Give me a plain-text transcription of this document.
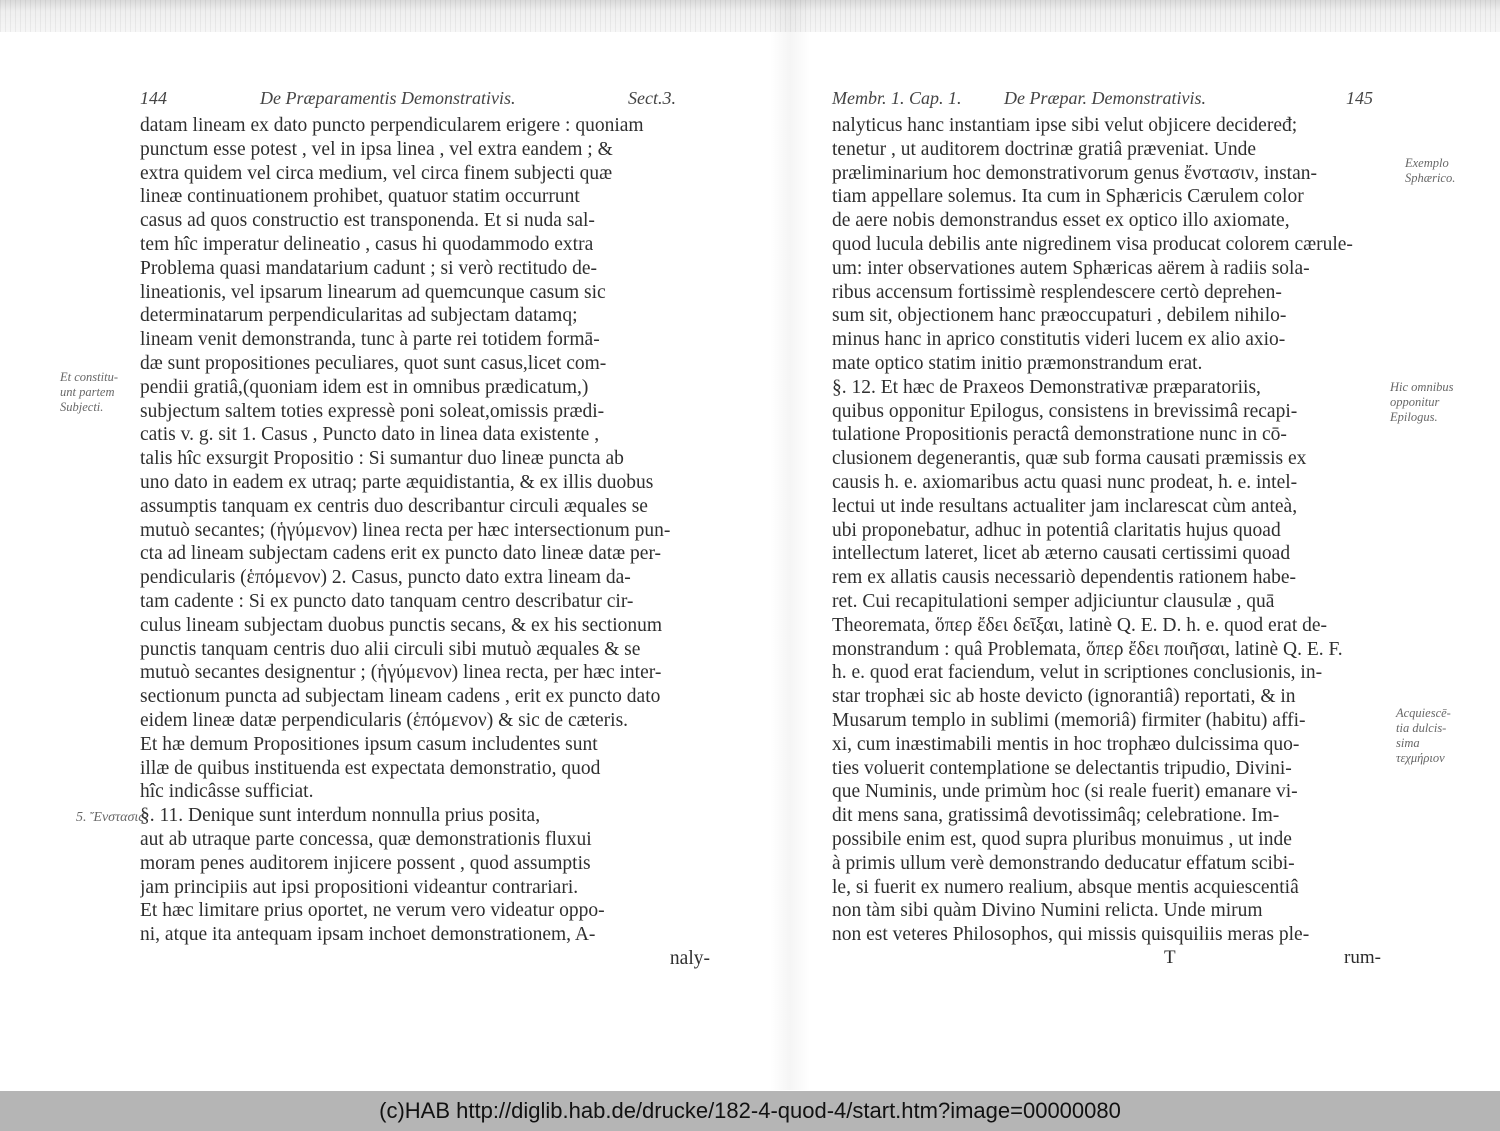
144	De Præparamentis Demonstrativis.	Sect.3.
datam lineam ex dato puncto perpendicularem erigere : quoniam
punctum esse potest , vel in ipsa linea , vel extra eandem ; &
extra quidem vel circa medium, vel circa finem subjecti quæ
lineæ continuationem prohibet, quatuor statim occurrunt
casus ad quos constructio est transponenda. Et si nuda sal-
tem hîc imperatur delineatio , casus hi quodammodo extra
Problema quasi mandatarium cadunt ; si verò rectitudo de-
lineationis, vel ipsarum linearum ad quemcunque casum sic
determinatarum perpendicularitas ad subjectam datamq;
lineam venit demonstranda, tunc à parte rei totidem formā-
dæ sunt propositiones peculiares, quot sunt casus,licet com-
pendii gratiâ,(quoniam idem est in omnibus prædicatum,)
subjectum saltem toties expressè poni soleat,omissis prædi-
catis v. g. sit 1. Casus , Puncto dato in linea data existente ,
talis hîc exsurgit Propositio : Si sumantur duo lineæ puncta ab
uno dato in eadem ex utraq; parte æquidistantia, & ex illis duobus
assumptis tanquam ex centris duo describantur circuli æquales se
mutuò secantes; (ἡγύμενον) linea recta per hæc intersectionum pun-
cta ad lineam subjectam cadens erit ex puncto dato lineæ datæ per-
pendicularis (ἑπόμενον) 2. Casus, puncto dato extra lineam da-
tam cadente : Si ex puncto dato tanquam centro describatur cir-
culus lineam subjectam duobus punctis secans, & ex his sectionum
punctis tanquam centris duo alii circuli sibi mutuò æquales & se
mutuò secantes designentur ; (ἡγύμενον) linea recta, per hæc inter-
sectionum puncta ad subjectam lineam cadens , erit ex puncto dato
eidem lineæ datæ perpendicularis (ἑπόμενον) & sic de cæteris.
Et hæ demum Propositiones ipsum casum includentes sunt
illæ de quibus instituenda est expectata demonstratio, quod
hîc indicâsse sufficiat.
§. 11. Denique sunt interdum nonnulla prius posita,
aut ab utraque parte concessa, quæ demonstrationis fluxui
moram penes auditorem injicere possent , quod assumptis
jam principiis aut ipsi propositioni videantur contrariari.
Et hæc limitare prius oportet, ne verum vero videatur oppo-
ni, atque ita antequam ipsam inchoet demonstrationem, A-
naly-
Et constitu-
unt partem
Subjecti.
5. Ἔνστασις
Membr. 1. Cap. 1. De Præpar. Demonstrativis.	145
nalyticus hanc instantiam ipse sibi velut objicere decideređ;
tenetur , ut auditorem doctrinæ gratiâ præveniat. Unde
præliminarium hoc demonstrativorum genus ἔνστασιν, instan-
tiam appellare solemus. Ita cum in Sphæricis Cærulem color
de aere nobis demonstrandus esset ex optico illo axiomate,
quod lucula debilis ante nigredinem visa producat colorem cærule-
um: inter observationes autem Sphæricas aërem à radiis sola-
ribus accensum fortissimè resplendescere certò deprehen-
sum sit, objectionem hanc præoccupaturi , debilem nihilo-
minus hanc in aprico constitutis videri lucem ex alio axio-
mate optico statim initio præmonstrandum erat.
§. 12. Et hæc de Praxeos Demonstrativæ præparatoriis,
quibus opponitur Epilogus, consistens in brevissimâ recapi-
tulatione Propositionis peractâ demonstratione nunc in cō-
clusionem degenerantis, quæ sub forma causati præmissis ex
causis h. e. axiomaribus actu quasi nunc prodeat, h. e. intel-
lectui ut inde resultans actualiter jam inclarescat cùm anteà,
ubi proponebatur, adhuc in potentiâ claritatis hujus quoad
intellectum lateret, licet ab æterno causati certissimi quoad
rem ex allatis causis necessariò dependentis rationem habe-
ret. Cui recapitulationi semper adjiciuntur clausulæ , quā
Theoremata, ὅπερ ἔδει δεῖξαι, latinè Q. E. D. h. e. quod erat de-
monstrandum : quâ Problemata, ὅπερ ἔδει ποιῆσαι, latinè Q. E. F.
h. e. quod erat faciendum, velut in scriptiones conclusionis, in-
star trophæi sic ab hoste devicto (ignorantiâ) reportati, & in
Musarum templo in sublimi (memoriâ) firmiter (habitu) affi-
xi, cum inæstimabili mentis in hoc trophæo dulcissima quo-
ties voluerit contemplatione se delectantis tripudio, Divini-
que Numinis, unde primùm hoc (si reale fuerit) emanare vi-
dit mens sana, gratissimâ devotissimâq; celebratione. Im-
possibile enim est, quod supra pluribus monuimus , ut inde
à primis ullum verè demonstrando deducatur effatum scibi-
le, si fuerit ex numero realium, absque mentis acquiescentiâ
non tàm sibi quàm Divino Numini relicta. Unde mirum
non est veteres Philosophos, qui missis quisquiliis meras ple-
T	rum-
Exemplo
Sphærico.
Hic omnibus
opponitur
Epilogus.
Acquiescē-
tia dulcis-
sima
τεχμήριον
(c)HAB http://diglib.hab.de/drucke/182-4-quod-4/start.htm?image=00000080
